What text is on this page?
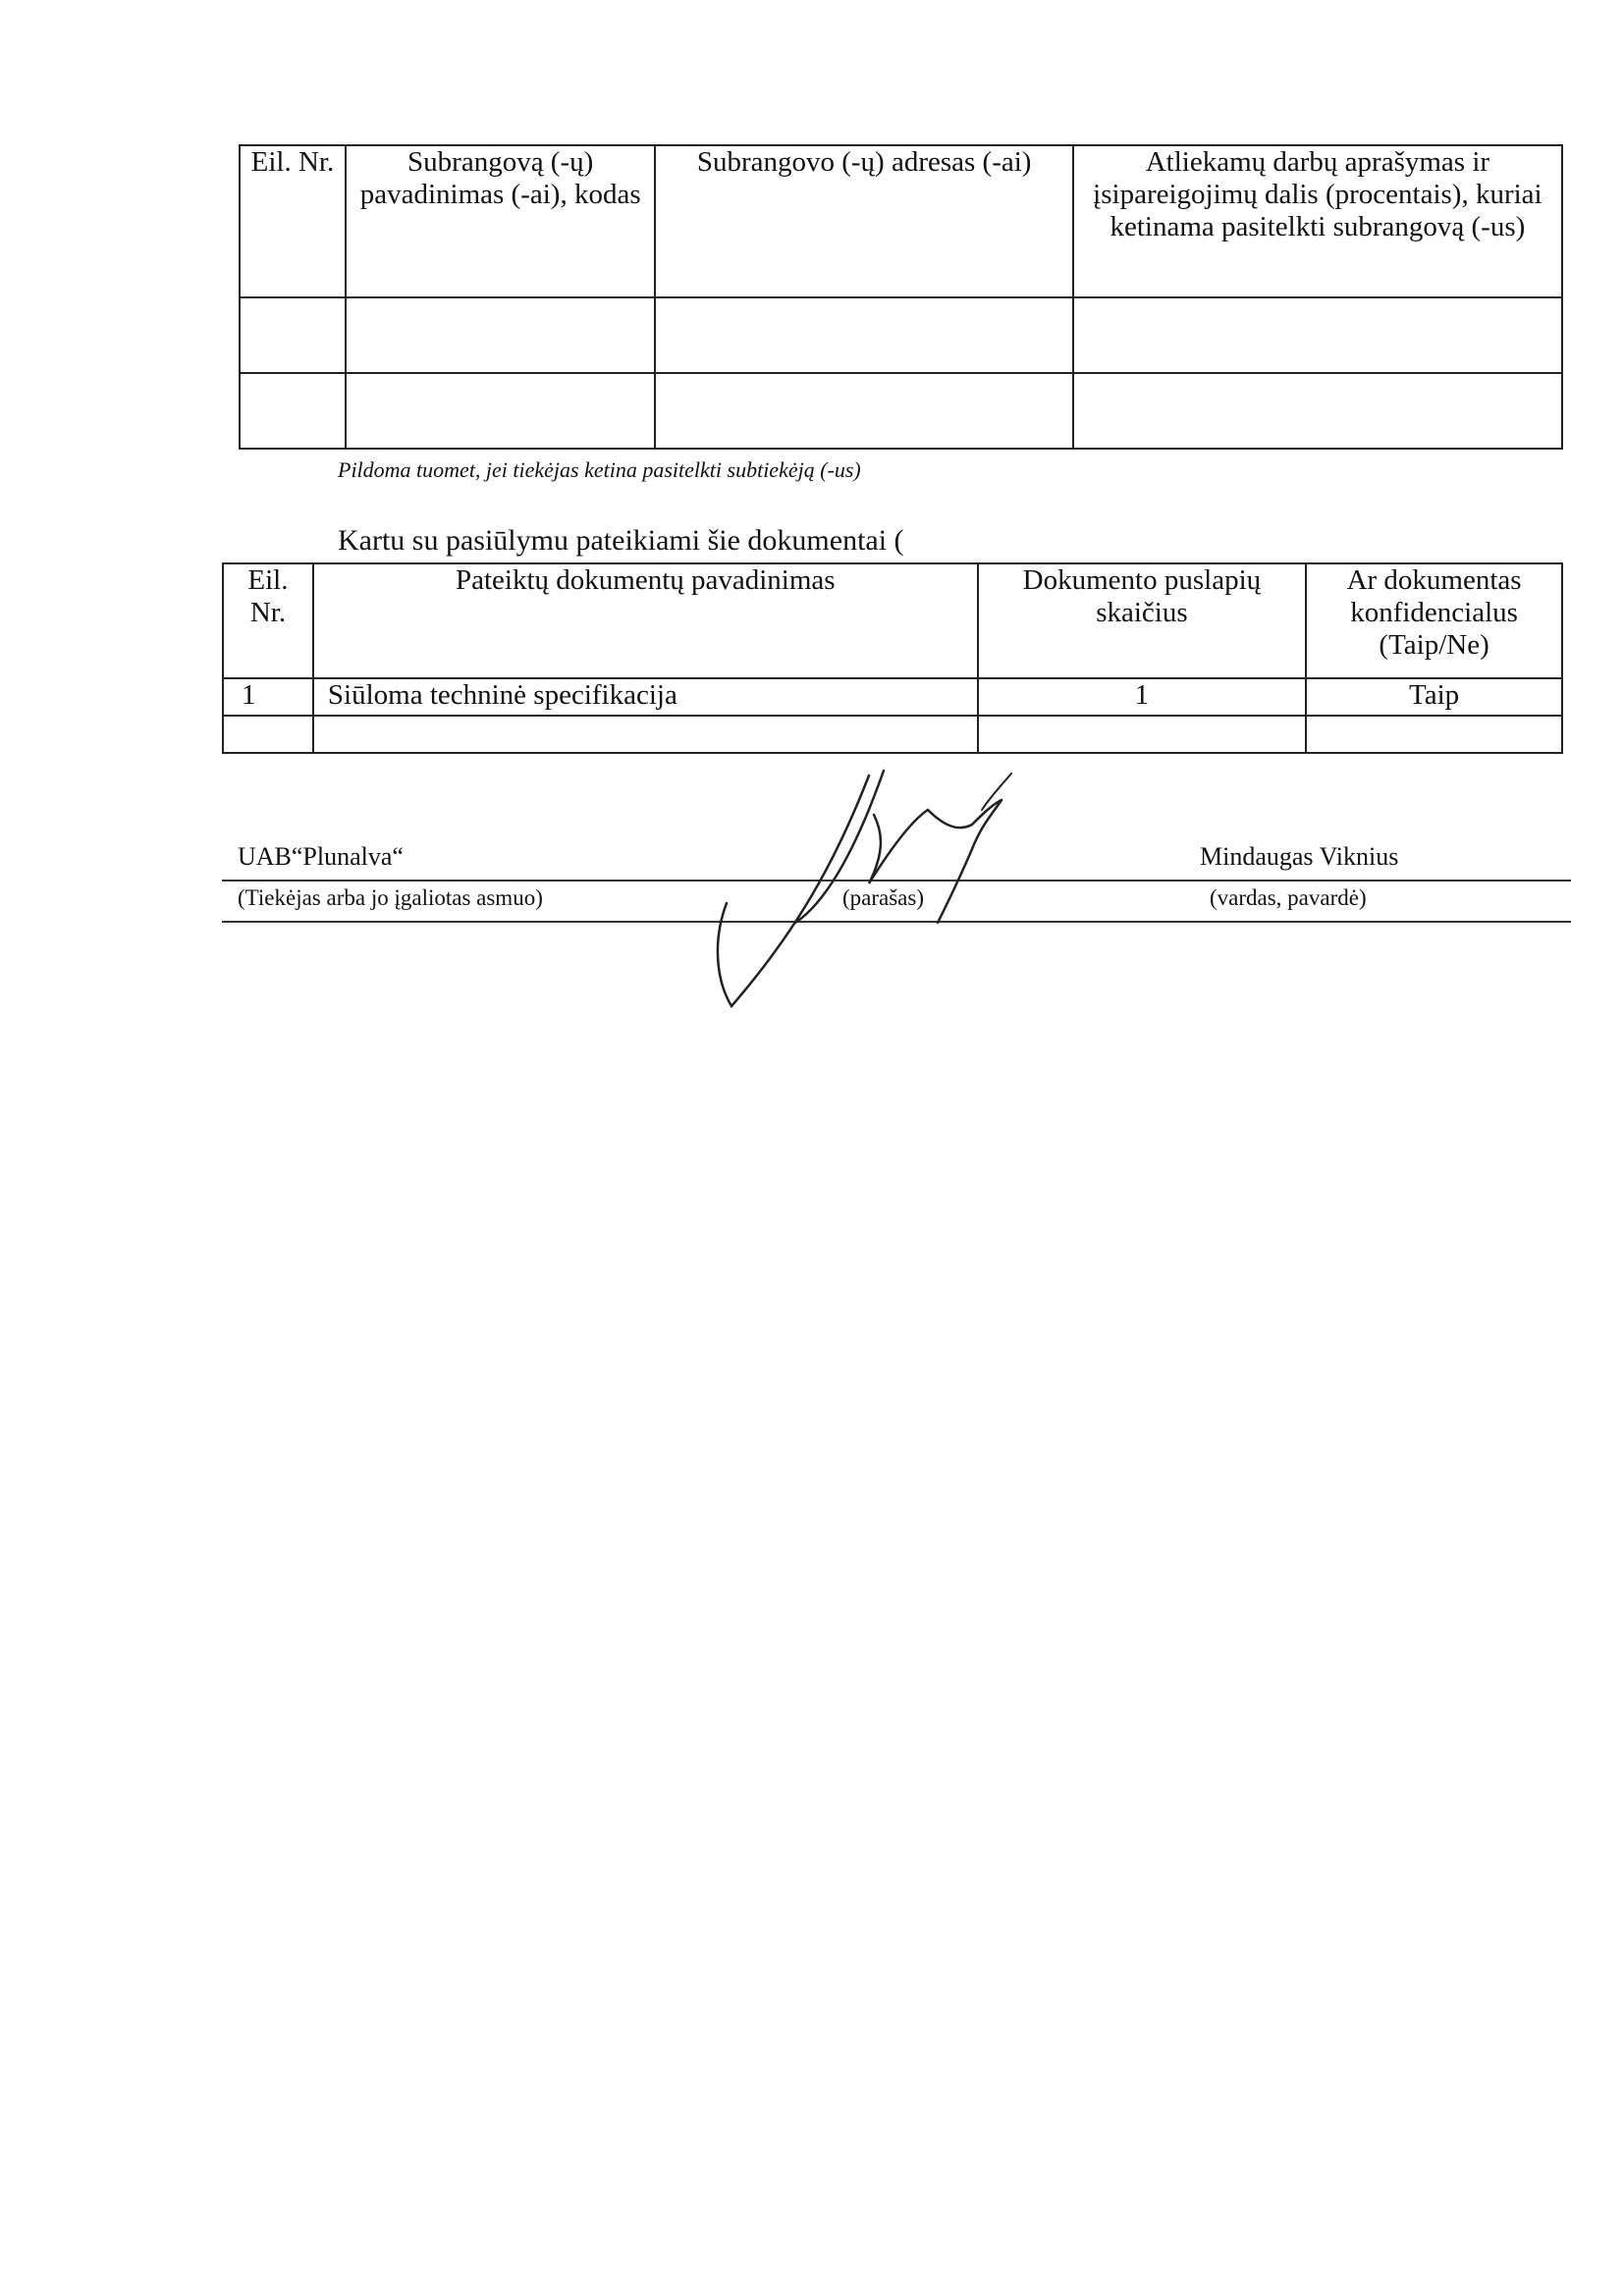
Eil. Nr.	Subrangovą (-ų) pavadinimas (-ai), kodas	Subrangovo (-ų) adresas (-ai)	Atliekamų darbų aprašymas ir įsipareigojimų dalis (procentais), kuriai ketinama pasitelkti subrangovą (-us)

Pildoma tuomet, jei tiekėjas ketina pasitelkti subtiekėją (-us)
Kartu su pasiūlymu pateikiami šie dokumentai (
Eil. Nr.	Pateiktų dokumentų pavadinimas	Dokumento puslapių skaičius	Ar dokumentas konfidencialus (Taip/Ne)
1	Siūloma techninė specifikacija	1	Taip

UAB“Plunalva“	Mindaugas Viknius
(Tiekėjas arba jo įgaliotas asmuo)	(parašas)	(vardas, pavardė)
